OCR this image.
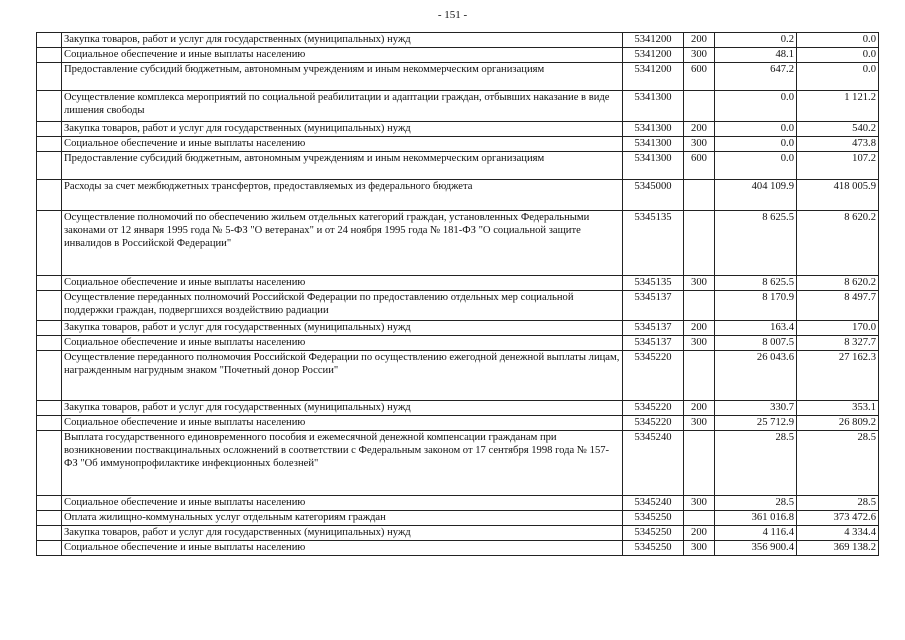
- 151 -
	Закупка товаров, работ и услуг для государственных (муниципальных) нужд	5341200	200	0.2	0.0
	Социальное обеспечение и иные выплаты населению	5341200	300	48.1	0.0
	Предоставление субсидий бюджетным, автономным учреждениям и иным некоммерческим организациям	5341200	600	647.2	0.0
	Осуществление комплекса мероприятий по социальной реабилитации и адаптации граждан, отбывших наказание в виде лишения свободы	5341300		0.0	1 121.2
	Закупка товаров, работ и услуг для государственных (муниципальных) нужд	5341300	200	0.0	540.2
	Социальное обеспечение и иные выплаты населению	5341300	300	0.0	473.8
	Предоставление субсидий бюджетным, автономным учреждениям и иным некоммерческим организациям	5341300	600	0.0	107.2
	Расходы за счет межбюджетных трансфертов, предоставляемых из федерального бюджета	5345000		404 109.9	418 005.9
	Осуществление полномочий по обеспечению жильем отдельных категорий граждан, установленных Федеральными законами от 12 января 1995 года № 5-ФЗ "О ветеранах" и от 24 ноября 1995 года № 181-ФЗ "О социальной защите инвалидов в Российской Федерации"	5345135		8 625.5	8 620.2
	Социальное обеспечение и иные выплаты населению	5345135	300	8 625.5	8 620.2
	Осуществление переданных полномочий Российской Федерации по предоставлению отдельных мер социальной поддержки граждан, подвергшихся воздействию радиации	5345137		8 170.9	8 497.7
	Закупка товаров, работ и услуг для государственных (муниципальных) нужд	5345137	200	163.4	170.0
	Социальное обеспечение и иные выплаты населению	5345137	300	8 007.5	8 327.7
	Осуществление переданного полномочия Российской Федерации по осуществлению ежегодной денежной выплаты лицам, награжденным нагрудным знаком "Почетный донор России"	5345220		26 043.6	27 162.3
	Закупка товаров, работ и услуг для государственных (муниципальных) нужд	5345220	200	330.7	353.1
	Социальное обеспечение и иные выплаты населению	5345220	300	25 712.9	26 809.2
	Выплата государственного единовременного пособия и ежемесячной денежной компенсации гражданам при возникновении поствакцинальных осложнений в соответствии с Федеральным законом от 17 сентября 1998 года № 157-ФЗ "Об иммунопрофилактике инфекционных болезней"	5345240		28.5	28.5
	Социальное обеспечение и иные выплаты населению	5345240	300	28.5	28.5
	Оплата жилищно-коммунальных услуг отдельным категориям граждан	5345250		361 016.8	373 472.6
	Закупка товаров, работ и услуг для государственных (муниципальных) нужд	5345250	200	4 116.4	4 334.4
	Социальное обеспечение и иные выплаты населению	5345250	300	356 900.4	369 138.2
